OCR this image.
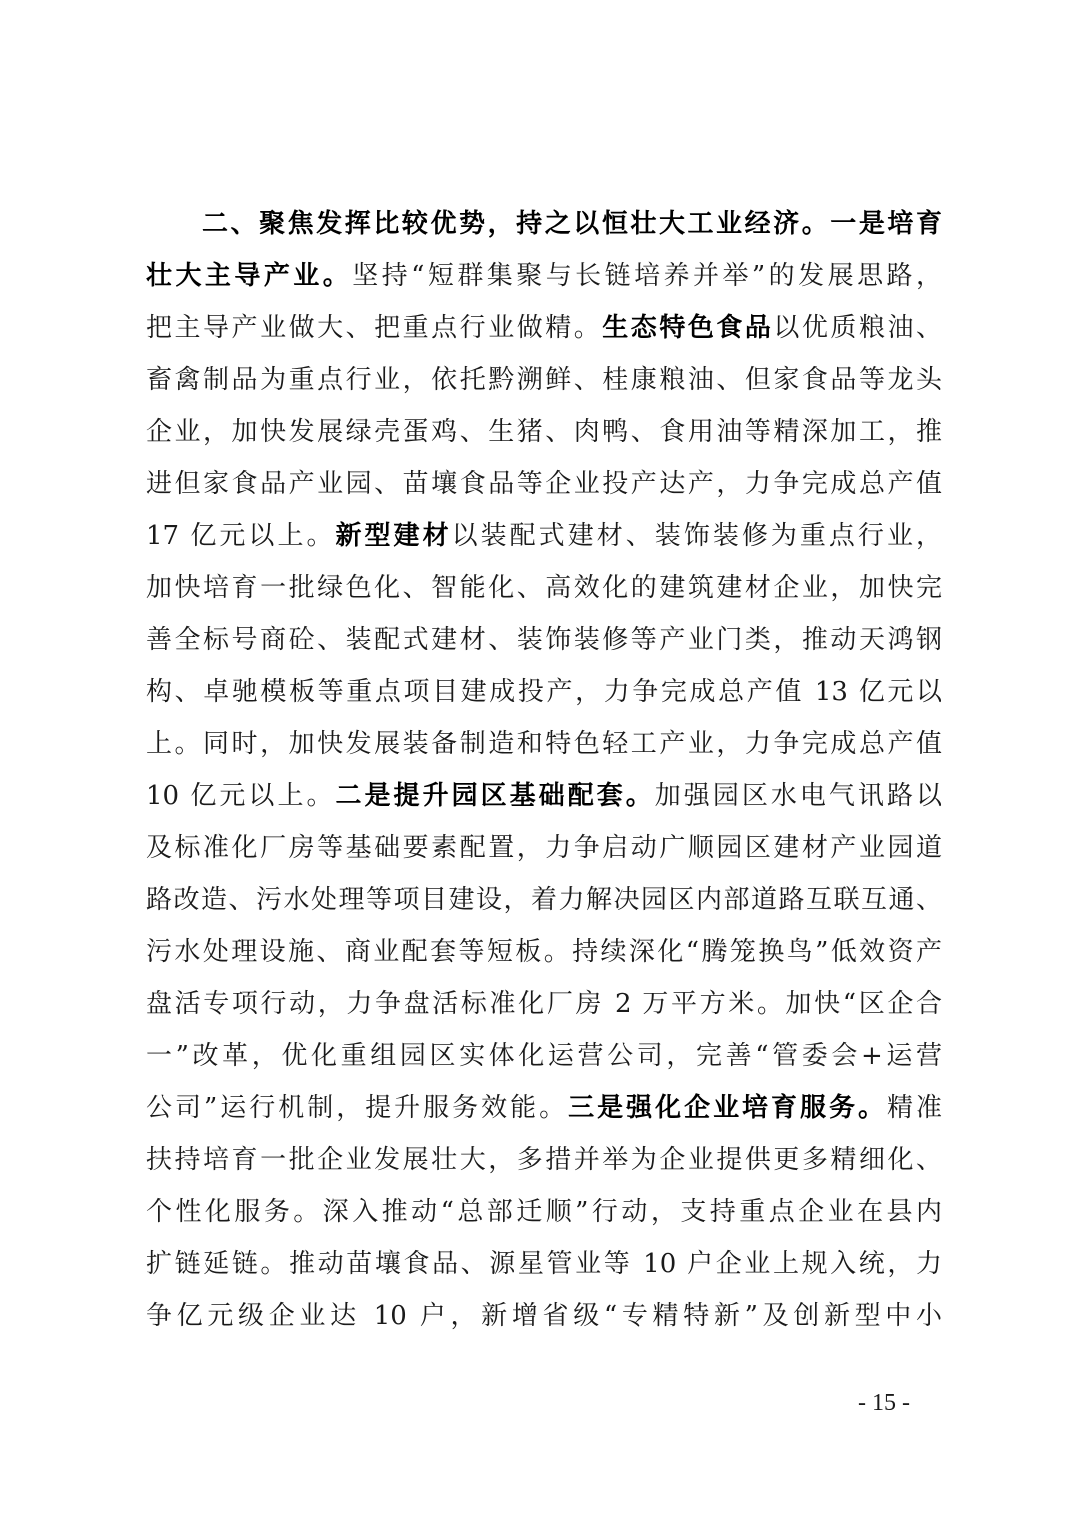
二、聚焦发挥比较优势，持之以恒壮大工业经济。一是培育
壮大主导产业。坚持“短群集聚与长链培养并举”的发展思路，
把主导产业做大、把重点行业做精。生态特色食品以优质粮油、
畜禽制品为重点行业，依托黔溯鲜、桂康粮油、但家食品等龙头
企业，加快发展绿壳蛋鸡、生猪、肉鸭、食用油等精深加工，推
进但家食品产业园、苗壤食品等企业投产达产，力争完成总产值
17 亿元以上。新型建材以装配式建材、装饰装修为重点行业，
加快培育一批绿色化、智能化、高效化的建筑建材企业，加快完
善全标号商砼、装配式建材、装饰装修等产业门类，推动天鸿钢
构、卓驰模板等重点项目建成投产，力争完成总产值 13 亿元以
上。同时，加快发展装备制造和特色轻工产业，力争完成总产值
10 亿元以上。二是提升园区基础配套。加强园区水电气讯路以
及标准化厂房等基础要素配置，力争启动广顺园区建材产业园道
路改造、污水处理等项目建设，着力解决园区内部道路互联互通、
污水处理设施、商业配套等短板。持续深化“腾笼换鸟”低效资产
盘活专项行动，力争盘活标准化厂房 2 万平方米。加快“区企合
一”改革，优化重组园区实体化运营公司，完善“管委会+运营
公司”运行机制，提升服务效能。三是强化企业培育服务。精准
扶持培育一批企业发展壮大，多措并举为企业提供更多精细化、
个性化服务。深入推动“总部迁顺”行动，支持重点企业在县内
扩链延链。推动苗壤食品、源星管业等 10 户企业上规入统，力
争亿元级企业达 10 户，新增省级“专精特新”及创新型中小
- 15 -
